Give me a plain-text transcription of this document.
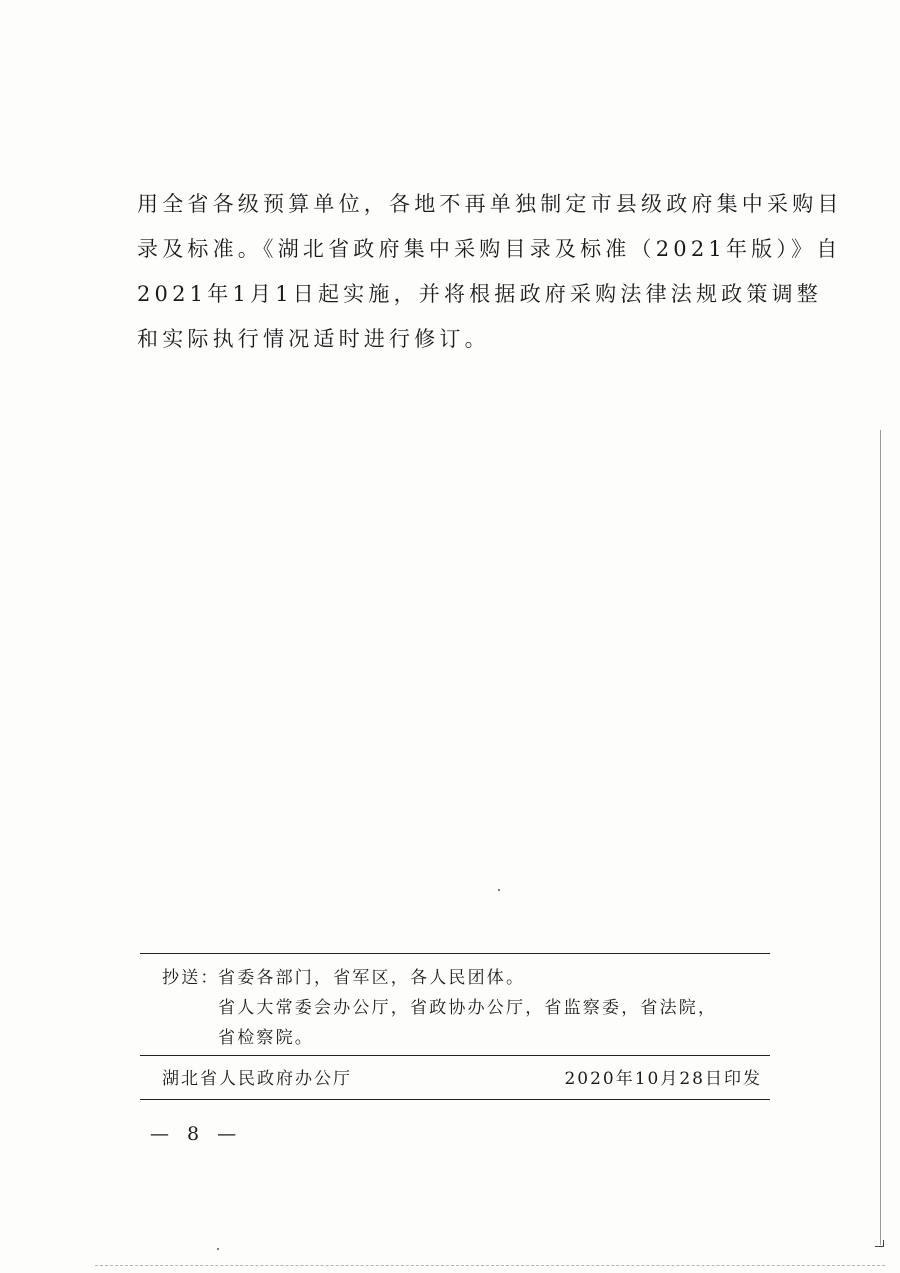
用全省各级预算单位，各地不再单独制定市县级政府集中采购目

录及标准。《湖北省政府集中采购目录及标准（2021年版）》自

2021年1月1日起实施，并将根据政府采购法律法规政策调整

和实际执行情况适时进行修订。

抄送：
省委各部门，省军区，各人民团体。
省人大常委会办公厅，省政协办公厅，省监察委，省法院，
省检察院。
湖北省人民政府办公厅	2020年10月28日印发
— 8 —
